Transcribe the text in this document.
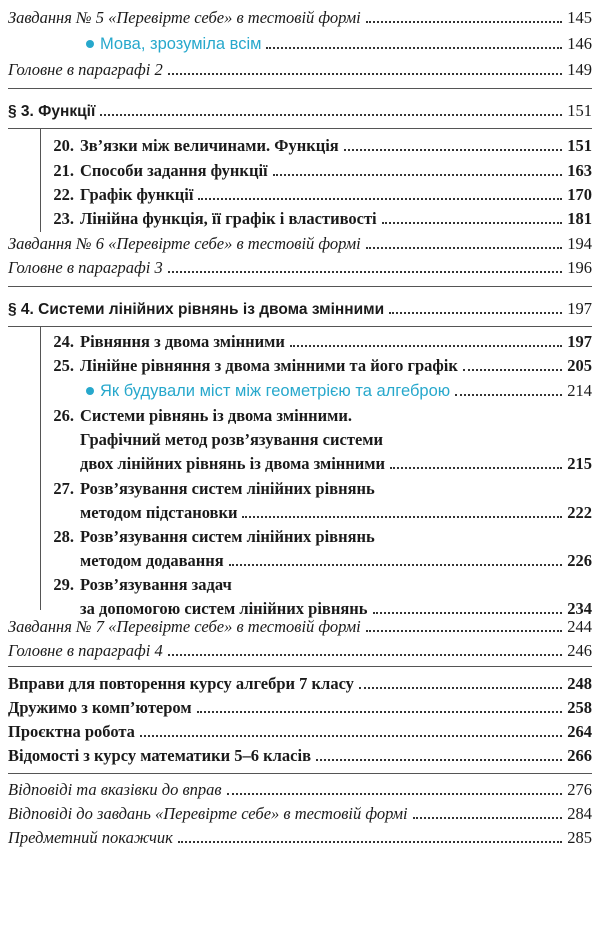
Завдання № 5 «Перевірте себе» в тестовій формі	145
Мова, зрозуміла всім	146
Головне в параграфі 2	149
§ 3. Функції	151
20. Зв’язки між величинами. Функція	151
21. Способи задання функції	163
22. Графік функції	170
23. Лінійна функція, її графік і властивості	181
Завдання № 6 «Перевірте себе» в тестовій формі	194
Головне в параграфі 3	196
§ 4. Системи лінійних рівнянь із двома змінними	197
24. Рівняння з двома змінними	197
25. Лінійне рівняння з двома змінними та його графік	205
Як будували міст між геометрією та алгеброю	214
26. Системи рівнянь із двома змінними.
Графічний метод розв’язування системи
двох лінійних рівнянь із двома змінними	215
27. Розв’язування систем лінійних рівнянь
методом підстановки	222
28. Розв’язування систем лінійних рівнянь
методом додавання	226
29. Розв’язування задач
за допомогою систем лінійних рівнянь	234
Завдання № 7 «Перевірте себе» в тестовій формі	244
Головне в параграфі 4	246
Вправи для повторення курсу алгебри 7 класу	248
Дружимо з комп’ютером	258
Проєктна робота	264
Відомості з курсу математики 5–6 класів	266
Відповіді та вказівки до вправ	276
Відповіді до завдань «Перевірте себе» в тестовій формі	284
Предметний покажчик	285
